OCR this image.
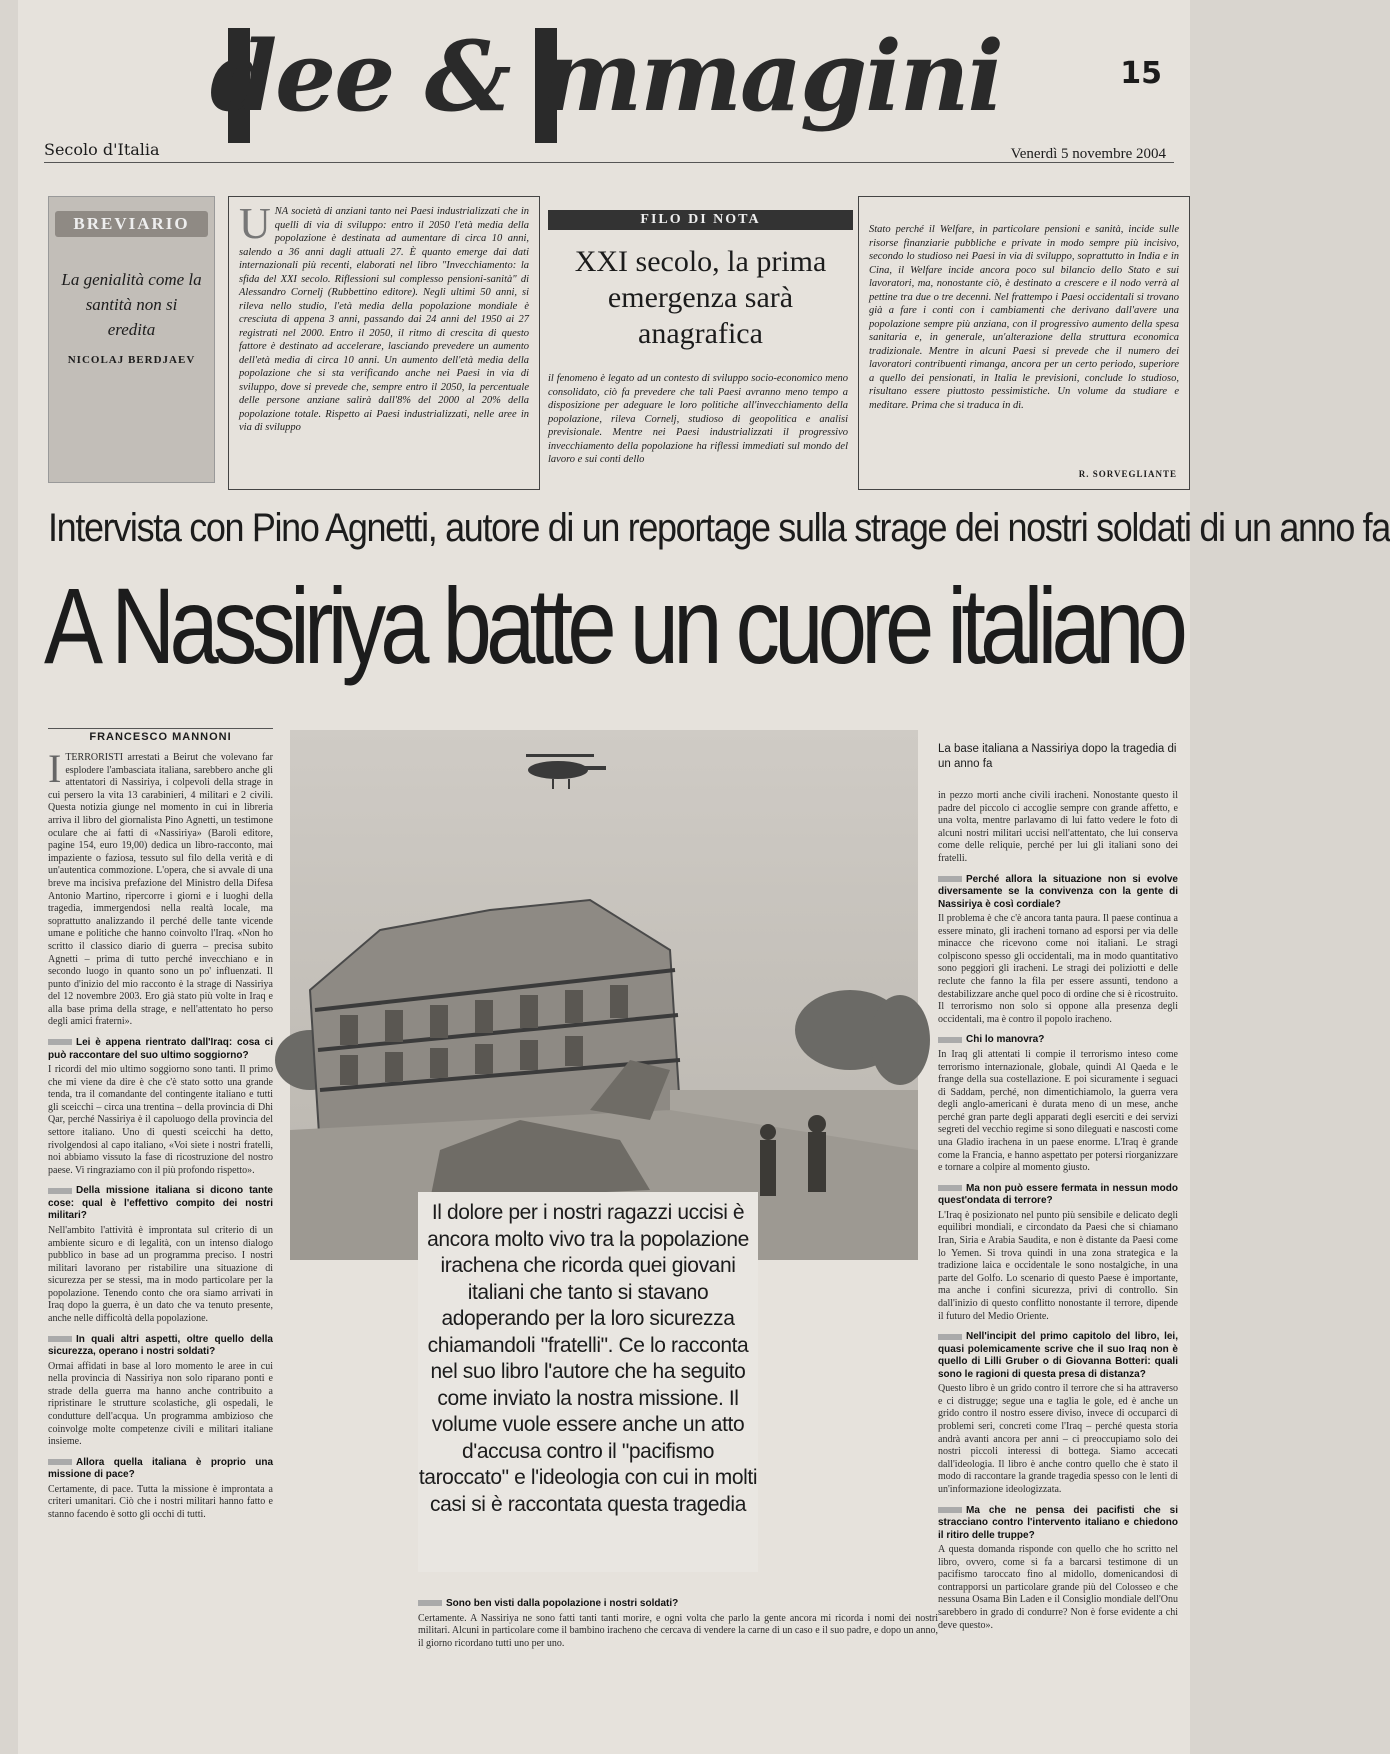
dee & mmagini	15
Secolo d'Italia	Venerdì 5 novembre 2004
BREVIARIO
La genialità come la santità non si eredita
NICOLAJ BERDJAEV
U NA società di anziani tanto nei Paesi industrializzati che in quelli di via di sviluppo: entro il 2050 l'età media della popolazione è destinata ad aumentare di circa 10 anni, salendo a 36 anni dagli attuali 27. È quanto emerge dai dati internazionali più recenti, elaborati nel libro "Invecchiamento: la sfida del XXI secolo. Riflessioni sul complesso pensioni-sanità" di Alessandro Cornelj (Rubbettino editore). Negli ultimi 50 anni, si rileva nello studio, l'età media della popolazione mondiale è cresciuta di appena 3 anni, passando dai 24 anni del 1950 ai 27 registrati nel 2000. Entro il 2050, il ritmo di crescita di questo fattore è destinato ad accelerare, lasciando prevedere un aumento dell'età media di circa 10 anni. Un aumento dell'età media della popolazione che si sta verificando anche nei Paesi in via di sviluppo, dove si prevede che, sempre entro il 2050, la percentuale delle persone anziane salirà dall'8% del 2000 al 20% della popolazione totale. Rispetto ai Paesi industrializzati, nelle aree in via di sviluppo
FILO DI NOTA
XXI secolo, la prima emergenza sarà anagrafica
il fenomeno è legato ad un contesto di sviluppo socio-economico meno consolidato, ciò fa prevedere che tali Paesi avranno meno tempo a disposizione per adeguare le loro politiche all'invecchiamento della popolazione, rileva Cornelj, studioso di geopolitica e analisi previsionale. Mentre nei Paesi industrializzati il progressivo invecchiamento della popolazione ha riflessi immediati sul mondo del lavoro e sui conti dello
Stato perché il Welfare, in particolare pensioni e sanità, incide sulle risorse finanziarie pubbliche e private in modo sempre più incisivo, secondo lo studioso nei Paesi in via di sviluppo, soprattutto in India e in Cina, il Welfare incide ancora poco sul bilancio dello Stato e sui lavoratori, ma, nonostante ciò, è destinato a crescere e il nodo verrà al pettine tra due o tre decenni. Nel frattempo i Paesi occidentali si trovano già a fare i conti con i cambiamenti che derivano dall'avere una popolazione sempre più anziana, con il progressivo aumento della spesa sanitaria e, in generale, un'alterazione della struttura economica tradizionale. Mentre in alcuni Paesi si prevede che il numero dei lavoratori contribuenti rimanga, ancora per un certo periodo, superiore a quello dei pensionati, in Italia le previsioni, conclude lo studioso, risultano essere piuttosto pessimistiche. Un volume da studiare e meditare. Prima che si traduca in dì.
R. SORVEGLIANTE
Intervista con Pino Agnetti, autore di un reportage sulla strage dei nostri soldati di un anno fa
A Nassiriya batte un cuore italiano
FRANCESCO MANNONI

ITERRORISTI arrestati a Beirut che volevano far esplodere l'ambasciata italiana, sarebbero anche gli attentatori di Nassiriya, i colpevoli della strage in cui persero la vita 13 carabinieri, 4 militari e 2 civili. Questa notizia giunge nel momento in cui in libreria arriva il libro del giornalista Pino Agnetti, un testimone oculare che ai fatti di «Nassiriya» (Baroli editore, pagine 154, euro 19,00) dedica un libro-racconto, mai impaziente o faziosa, tessuto sul filo della verità e di un'autentica commozione. L'opera, che si avvale di una breve ma incisiva prefazione del Ministro della Difesa Antonio Martino, ripercorre i giorni e i luoghi della tragedia, immergendosi nella realtà locale, ma soprattutto analizzando il perché delle tante vicende umane e politiche che hanno coinvolto l'Iraq. «Non ho scritto il classico diario di guerra – precisa subito Agnetti – prima di tutto perché invecchiano e in secondo luogo in quanto sono un po' influenzati. Il punto d'inizio del mio racconto è la strage di Nassiriya del 12 novembre 2003. Ero già stato più volte in Iraq e alla base prima della strage, e nell'attentato ho perso degli amici fraterni».

Lei è appena rientrato dall'Iraq: cosa ci può raccontare del suo ultimo soggiorno?

I ricordi del mio ultimo soggiorno sono tanti. Il primo che mi viene da dire è che c'è stato sotto una grande tenda, tra il comandante del contingente italiano e tutti gli sceicchi – circa una trentina – della provincia di Dhi Qar, perché Nassiriya è il capoluogo della provincia del settore italiano. Uno di questi sceicchi ha detto, rivolgendosi al capo italiano, «Voi siete i nostri fratelli, noi abbiamo vissuto la fase di ricostruzione del nostro paese. Vi ringraziamo con il più profondo rispetto».

Della missione italiana si dicono tante cose: qual è l'effettivo compito dei nostri militari?

Nell'ambito l'attività è improntata sul criterio di un ambiente sicuro e di legalità, con un intenso dialogo pubblico in base ad un programma preciso. I nostri militari lavorano per ristabilire una situazione di sicurezza per se stessi, ma in modo particolare per la popolazione. Tenendo conto che ora siamo arrivati in Iraq dopo la guerra, è un dato che va tenuto presente, anche nelle difficoltà della popolazione.

In quali altri aspetti, oltre quello della sicurezza, operano i nostri soldati?

Ormai affidati in base al loro momento le aree in cui nella provincia di Nassiriya non solo riparano ponti e strade della guerra ma hanno anche contribuito a ripristinare le strutture scolastiche, gli ospedali, le condutture dell'acqua. Un programma ambizioso che coinvolge molte competenze civili e militari italiane insieme.

Allora quella italiana è proprio una missione di pace?

Certamente, di pace. Tutta la missione è improntata a criteri umanitari. Ciò che i nostri militari hanno fatto e stanno facendo è sotto gli occhi di tutti.

La base italiana a Nassiriya dopo la tragedia di un anno fa

in pezzo morti anche civili iracheni. Nonostante questo il padre del piccolo ci accoglie sempre con grande affetto, e una volta, mentre parlavamo di lui fatto vedere le foto di alcuni nostri militari uccisi nell'attentato, che lui conserva come delle reliquie, perché per lui gli italiani sono dei fratelli.

Perché allora la situazione non si evolve diversamente se la convivenza con la gente di Nassiriya è così cordiale?

Il problema è che c'è ancora tanta paura. Il paese continua a essere minato, gli iracheni tornano ad esporsi per via delle minacce che ricevono come noi italiani. Le stragi colpiscono spesso gli occidentali, ma in modo quantitativo sono peggiori gli iracheni. Le stragi dei poliziotti e delle reclute che fanno la fila per essere assunti, tendono a destabilizzare anche quel poco di ordine che si è ricostruito. Il terrorismo non solo si oppone alla presenza degli occidentali, ma è contro il popolo iracheno.

Chi lo manovra?

In Iraq gli attentati li compie il terrorismo inteso come terrorismo internazionale, globale, quindi Al Qaeda e le frange della sua costellazione. E poi sicuramente i seguaci di Saddam, perché, non dimentichiamolo, la guerra vera degli anglo-americani è durata meno di un mese, anche perché gran parte degli apparati degli eserciti e dei servizi segreti del vecchio regime si sono dileguati e nascosti come una Gladio irachena in un paese enorme. L'Iraq è grande come la Francia, e hanno aspettato per potersi riorganizzare e tornare a colpire al momento giusto.

Ma non può essere fermata in nessun modo quest'ondata di terrore?

L'Iraq è posizionato nel punto più sensibile e delicato degli equilibri mondiali, e circondato da Paesi che si chiamano Iran, Siria e Arabia Saudita, e non è distante da Paesi come lo Yemen. Si trova quindi in una zona strategica e la tradizione laica e occidentale le sono nostalgiche, in una parte del Golfo. Lo scenario di questo Paese è importante, ma anche i confini sicurezza, privi di controllo. Sin dall'inizio di questo conflitto nonostante il terrore, dipende il futuro del Medio Oriente.

Nell'incipit del primo capitolo del libro, lei, quasi polemicamente scrive che il suo Iraq non è quello di Lilli Gruber o di Giovanna Botteri: quali sono le ragioni di questa presa di distanza?

Questo libro è un grido contro il terrore che si ha attraverso e ci distrugge; segue una e taglia le gole, ed è anche un grido contro il nostro essere diviso, invece di occuparci di problemi seri, concreti come l'Iraq – perché questa storia andrà avanti ancora per anni – ci preoccupiamo solo dei nostri piccoli interessi di bottega. Siamo accecati dall'ideologia. Il libro è anche contro quello che è stato il modo di raccontare la grande tragedia spesso con le lenti di un'informazione ideologizzata.

Ma che ne pensa dei pacifisti che si stracciano contro l'intervento italiano e chiedono il ritiro delle truppe?

A questa domanda risponde con quello che ho scritto nel libro, ovvero, come si fa a barcarsi testimone di un pacifismo taroccato fino al midollo, domenicandosi di contrapporsi un particolare grande più del Colosseo e che nessuna Osama Bin Laden e il Consiglio mondiale dell'Onu sarebbero in grado di condurre? Non è forse evidente a chi deve questo».

Sono ben visti dalla popolazione i nostri soldati?

Certamente. A Nassiriya ne sono fatti tanti tanti morire, e ogni volta che parlo la gente ancora mi ricorda i nomi dei nostri militari. Alcuni in particolare come il bambino iracheno che cercava di vendere la carne di un caso e il suo padre, e dopo un anno, il giorno ricordano tutti uno per uno.

Il dolore per i nostri ragazzi uccisi è ancora molto vivo tra la popolazione irachena che ricorda quei giovani italiani che tanto si stavano adoperando per la loro sicurezza chiamandoli "fratelli". Ce lo racconta nel suo libro l'autore che ha seguito come inviato la nostra missione. Il volume vuole essere anche un atto d'accusa contro il "pacifismo taroccato" e l'ideologia con cui in molti casi si è raccontata questa tragedia
